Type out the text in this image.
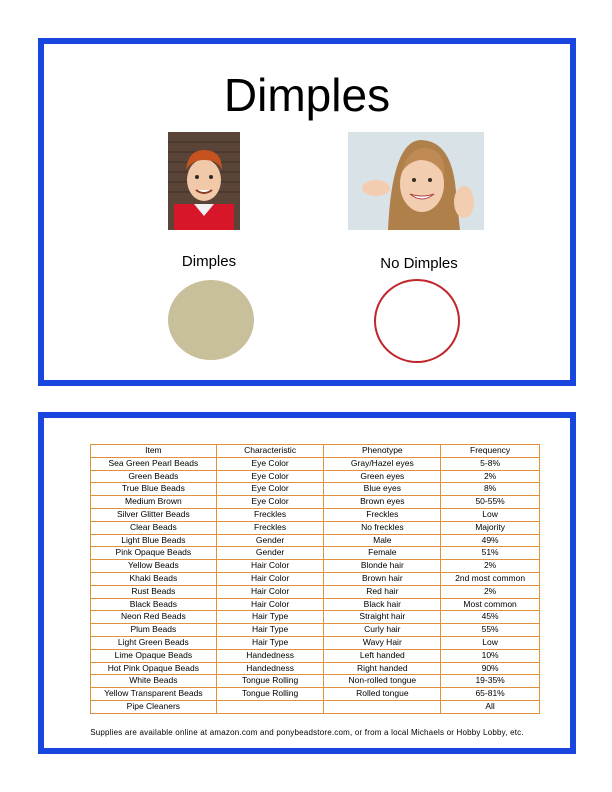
Dimples
Dimples	No Dimples
Item	Characteristic	Phenotype	Frequency
Sea Green Pearl Beads	Eye Color	Gray/Hazel eyes	5-8%
Green Beads	Eye Color	Green eyes	2%
True Blue Beads	Eye Color	Blue eyes	8%
Medium Brown	Eye Color	Brown eyes	50-55%
Silver Glitter Beads	Freckles	Freckles	Low
Clear Beads	Freckles	No freckles	Majority
Light Blue Beads	Gender	Male	49%
Pink Opaque Beads	Gender	Female	51%
Yellow Beads	Hair Color	Blonde hair	2%
Khaki Beads	Hair Color	Brown hair	2nd most common
Rust Beads	Hair Color	Red hair	2%
Black Beads	Hair Color	Black hair	Most common
Neon Red Beads	Hair Type	Straight hair	45%
Plum Beads	Hair Type	Curly hair	55%
Light Green Beads	Hair Type	Wavy Hair	Low
Lime Opaque Beads	Handedness	Left handed	10%
Hot Pink Opaque Beads	Handedness	Right handed	90%
White Beads	Tongue Rolling	Non-rolled tongue	19-35%
Yellow Transparent Beads	Tongue Rolling	Rolled tongue	65-81%
Pipe Cleaners			All
Supplies are available online at amazon.com and ponybeadstore.com, or from a local Michaels or Hobby Lobby, etc.
